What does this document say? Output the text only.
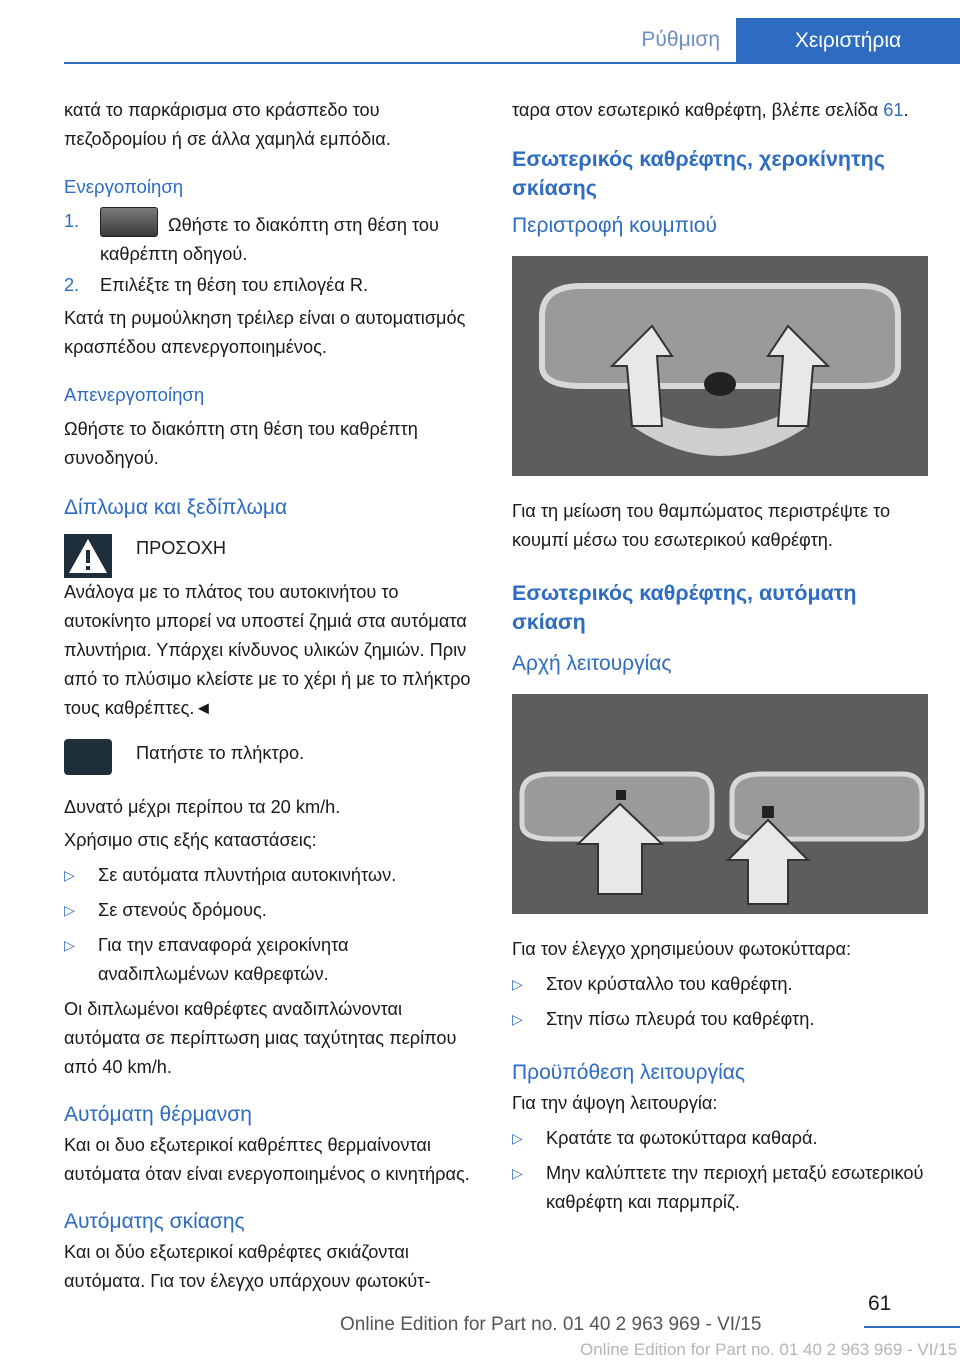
Ρύθμιση	Χειριστήρια

κατά το παρκάρισμα στο κράσπεδο του πεζοδρομίου ή σε άλλα χαμηλά εμπόδια.

Ενεργοποίηση
1.	Ωθήστε το διακόπτη στη θέση του καθρέπτη οδηγού.
2.	Επιλέξτε τη θέση του επιλογέα R.

Κατά τη ρυμούλκηση τρέιλερ είναι ο αυτοματισμός κρασπέδου απενεργοποιημένος.

Απενεργοποίηση

Ωθήστε το διακόπτη στη θέση του καθρέπτη συνοδηγού.

Δίπλωμα και ξεδίπλωμα
ΠΡΟΣΟΧΗ

Ανάλογα με το πλάτος του αυτοκινήτου το αυτοκίνητο μπορεί να υποστεί ζημιά στα αυτόματα πλυντήρια. Υπάρχει κίνδυνος υλικών ζημιών. Πριν από το πλύσιμο κλείστε με το χέρι ή με το πλήκτρο τους καθρέπτες.◄

Πατήστε το πλήκτρο.

Δυνατό μέχρι περίπου τα 20 km/h.

Χρήσιμο στις εξής καταστάσεις:

▷	Σε αυτόματα πλυντήρια αυτοκινήτων.
▷	Σε στενούς δρόμους.
▷	Για την επαναφορά χειροκίνητα αναδιπλωμένων καθρεφτών.

Οι διπλωμένοι καθρέφτες αναδιπλώνονται αυτόματα σε περίπτωση μιας ταχύτητας περίπου από 40 km/h.

Αυτόματη θέρμανση

Και οι δυο εξωτερικοί καθρέπτες θερμαίνονται αυτόματα όταν είναι ενεργοποιημένος ο κινητήρας.

Αυτόματης σκίασης

Και οι δύο εξωτερικοί καθρέφτες σκιάζονται αυτόματα. Για τον έλεγχο υπάρχουν φωτοκύτ-

ταρα στον εσωτερικό καθρέφτη, βλέπε σελίδα 61.

Εσωτερικός καθρέφτης, χεροκίνητης σκίασης
Περιστροφή κουμπιού

Για τη μείωση του θαμπώματος περιστρέψτε το κουμπί μέσω του εσωτερικού καθρέφτη.

Εσωτερικός καθρέφτης, αυτόματη σκίαση
Αρχή λειτουργίας

Για τον έλεγχο χρησιμεύουν φωτοκύτταρα:

▷	Στον κρύσταλλο του καθρέφτη.
▷	Στην πίσω πλευρά του καθρέφτη.
Προϋπόθεση λειτουργίας

Για την άψογη λειτουργία:

▷	Κρατάτε τα φωτοκύτταρα καθαρά.
▷	Μην καλύπτετε την περιοχή μεταξύ εσωτερικού καθρέφτη και παρμπρίζ.
61
Online Edition for Part no. 01 40 2 963 969 - VI/15
Online Edition for Part no. 01 40 2 963 969 - VI/15
